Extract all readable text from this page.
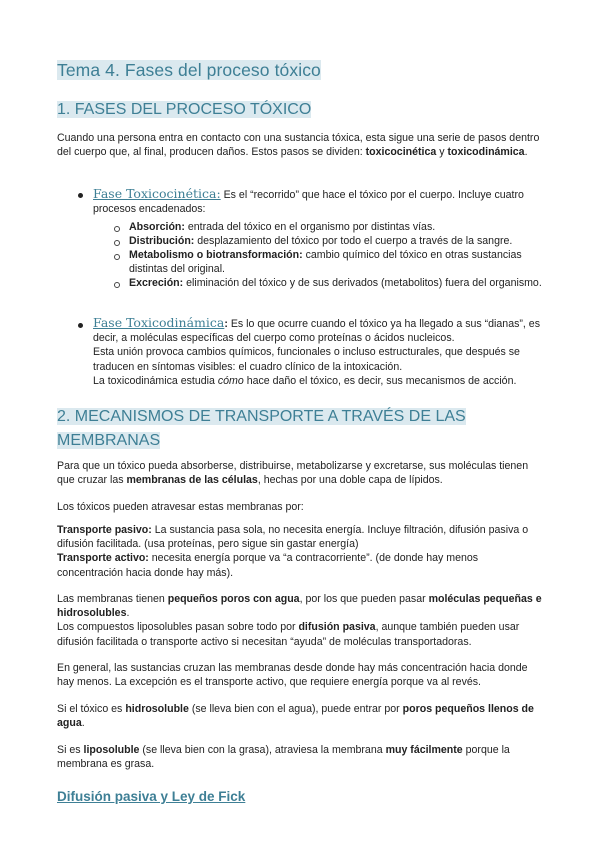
Tema 4. Fases del proceso tóxico
1. FASES DEL PROCESO TÓXICO

Cuando una persona entra en contacto con una sustancia tóxica, esta sigue una serie de pasos dentro del cuerpo que, al final, producen daños. Estos pasos se dividen: toxicocinética y toxicodinámica.

Fase Toxicocinética: Es el “recorrido” que hace el tóxico por el cuerpo. Incluye cuatro procesos encadenados:

Absorción: entrada del tóxico en el organismo por distintas vías.

Distribución: desplazamiento del tóxico por todo el cuerpo a través de la sangre.

Metabolismo o biotransformación: cambio químico del tóxico en otras sustancias distintas del original.

Excreción: eliminación del tóxico y de sus derivados (metabolitos) fuera del organismo.

Fase Toxicodinámica: Es lo que ocurre cuando el tóxico ya ha llegado a sus “dianas”, es decir, a moléculas específicas del cuerpo como proteínas o ácidos nucleicos.
Esta unión provoca cambios químicos, funcionales o incluso estructurales, que después se traducen en síntomas visibles: el cuadro clínico de la intoxicación.
La toxicodinámica estudia cómo hace daño el tóxico, es decir, sus mecanismos de acción.

2. MECANISMOS DE TRANSPORTE A TRAVÉS DE LAS
MEMBRANAS

Para que un tóxico pueda absorberse, distribuirse, metabolizarse y excretarse, sus moléculas tienen que cruzar las membranas de las células, hechas por una doble capa de lípidos.

Los tóxicos pueden atravesar estas membranas por:

Transporte pasivo: La sustancia pasa sola, no necesita energía. Incluye filtración, difusión pasiva o difusión facilitada. (usa proteínas, pero sigue sin gastar energía)
Transporte activo: necesita energía porque va “a contracorriente”. (de donde hay menos concentración hacia donde hay más).

Las membranas tienen pequeños poros con agua, por los que pueden pasar moléculas pequeñas e hidrosolubles.
Los compuestos liposolubles pasan sobre todo por difusión pasiva, aunque también pueden usar difusión facilitada o transporte activo si necesitan “ayuda” de moléculas transportadoras.

En general, las sustancias cruzan las membranas desde donde hay más concentración hacia donde hay menos. La excepción es el transporte activo, que requiere energía porque va al revés.

Si el tóxico es hidrosoluble (se lleva bien con el agua), puede entrar por poros pequeños llenos de agua.

Si es liposoluble (se lleva bien con la grasa), atraviesa la membrana muy fácilmente porque la membrana es grasa.

Difusión pasiva y Ley de Fick
